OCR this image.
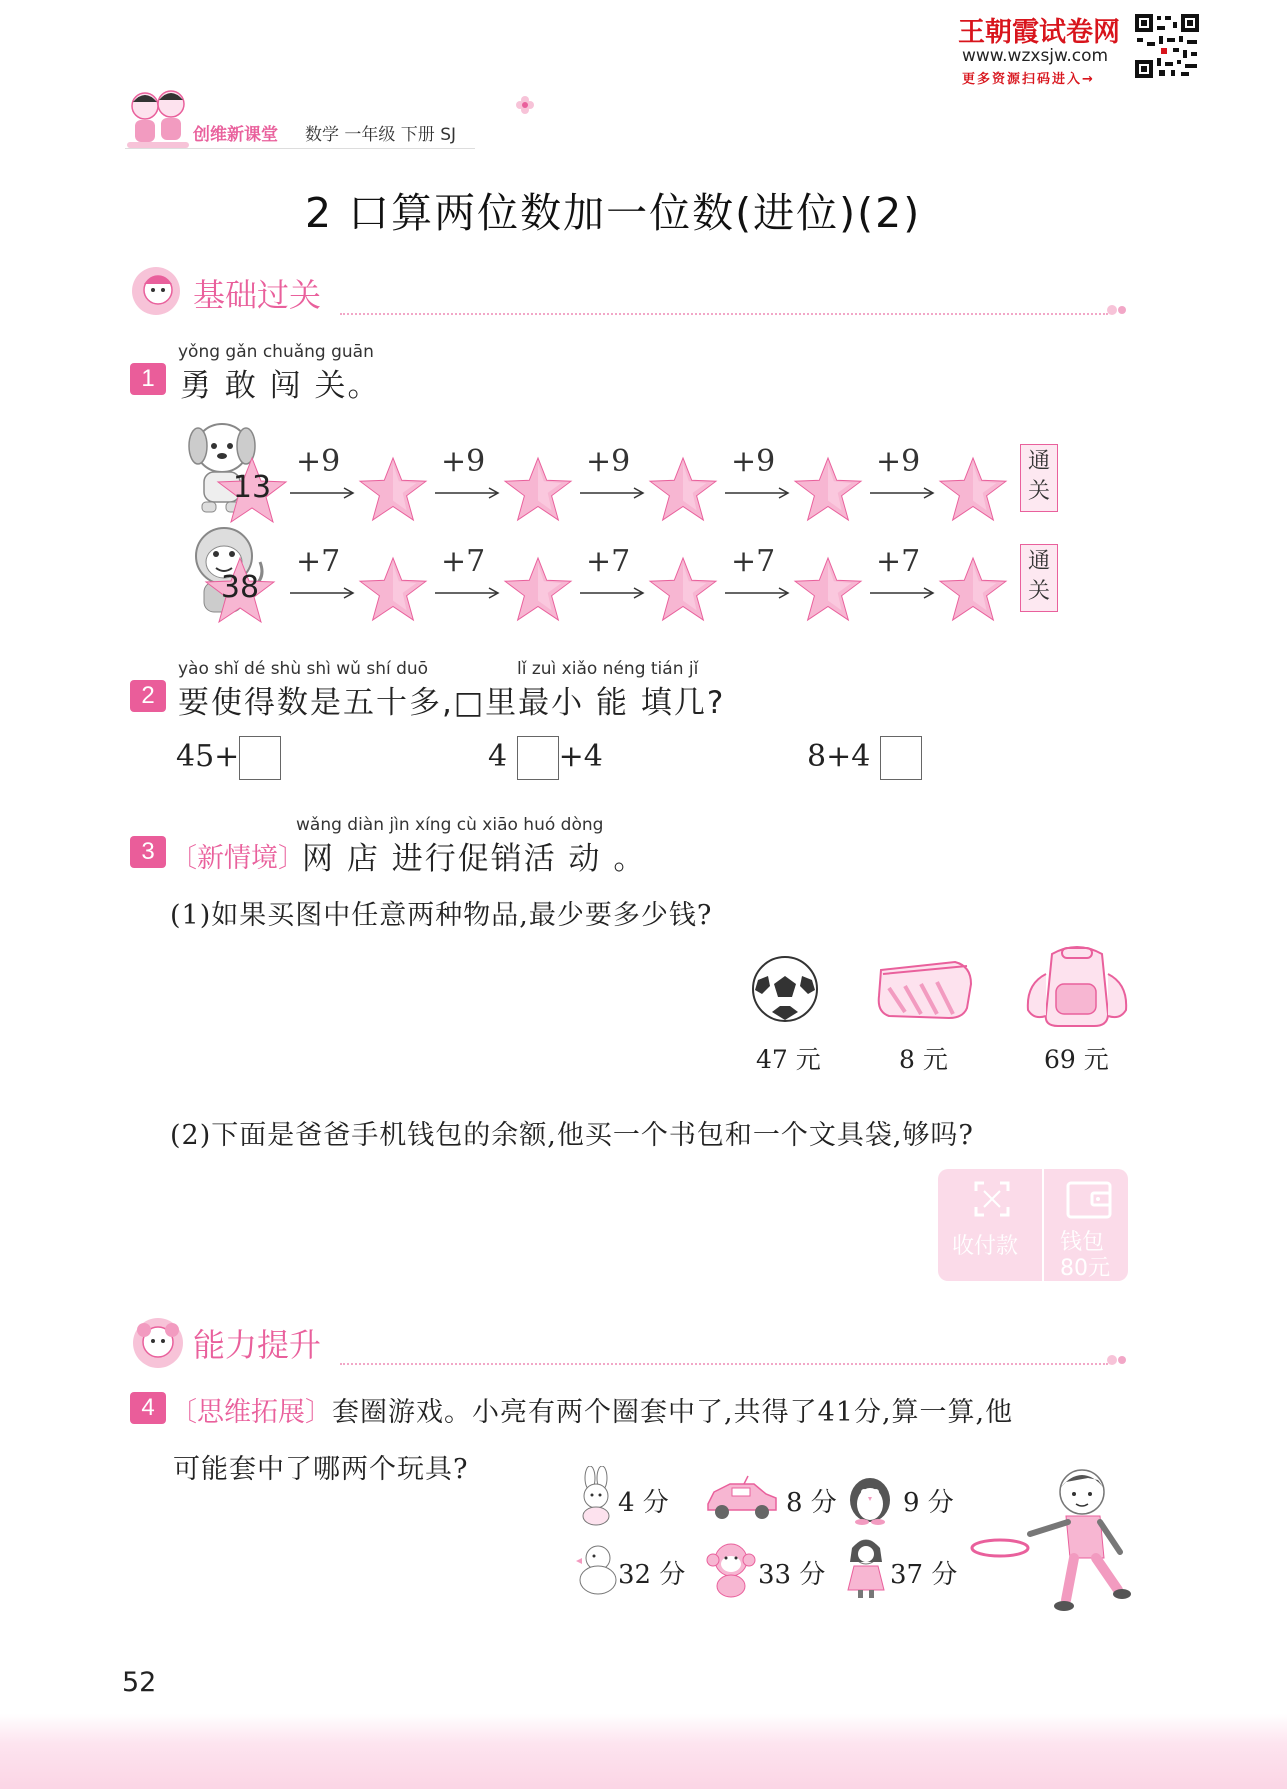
王朝霞试卷网
www.wzxsjw.com
更多资源扫码进入→
创维新课堂 数学 一年级 下册 SJ
2 口算两位数加一位数(进位)(2)
基础过关
yǒng gǎn chuǎng guān
1 勇 敢 闯 关。
13
38
+9	+9	+9	+9	+9
+7	+7	+7	+7	+7
通
关
通
关
yào shǐ dé shù shì wǔ shí duō	lǐ zuì xiǎo néng tián jǐ
2 要使得数是五十多,□里最小 能 填几?
45+	4 +4	8+4
wǎng diàn jìn xíng cù xiāo huó dòng
3 〔新情境〕
网 店 进行促销活 动 。
(1)如果买图中任意两种物品,最少要多少钱?
47 元	8 元	69 元
(2)下面是爸爸手机钱包的余额,他买一个书包和一个文具袋,够吗?
收付款 钱包
80元
能力提升
4 〔思维拓展〕 套圈游戏。小亮有两个圈套中了,共得了41分,算一算,他
可能套中了哪两个玩具?
4 分	8 分	9 分
32 分	33 分 37 分
52
